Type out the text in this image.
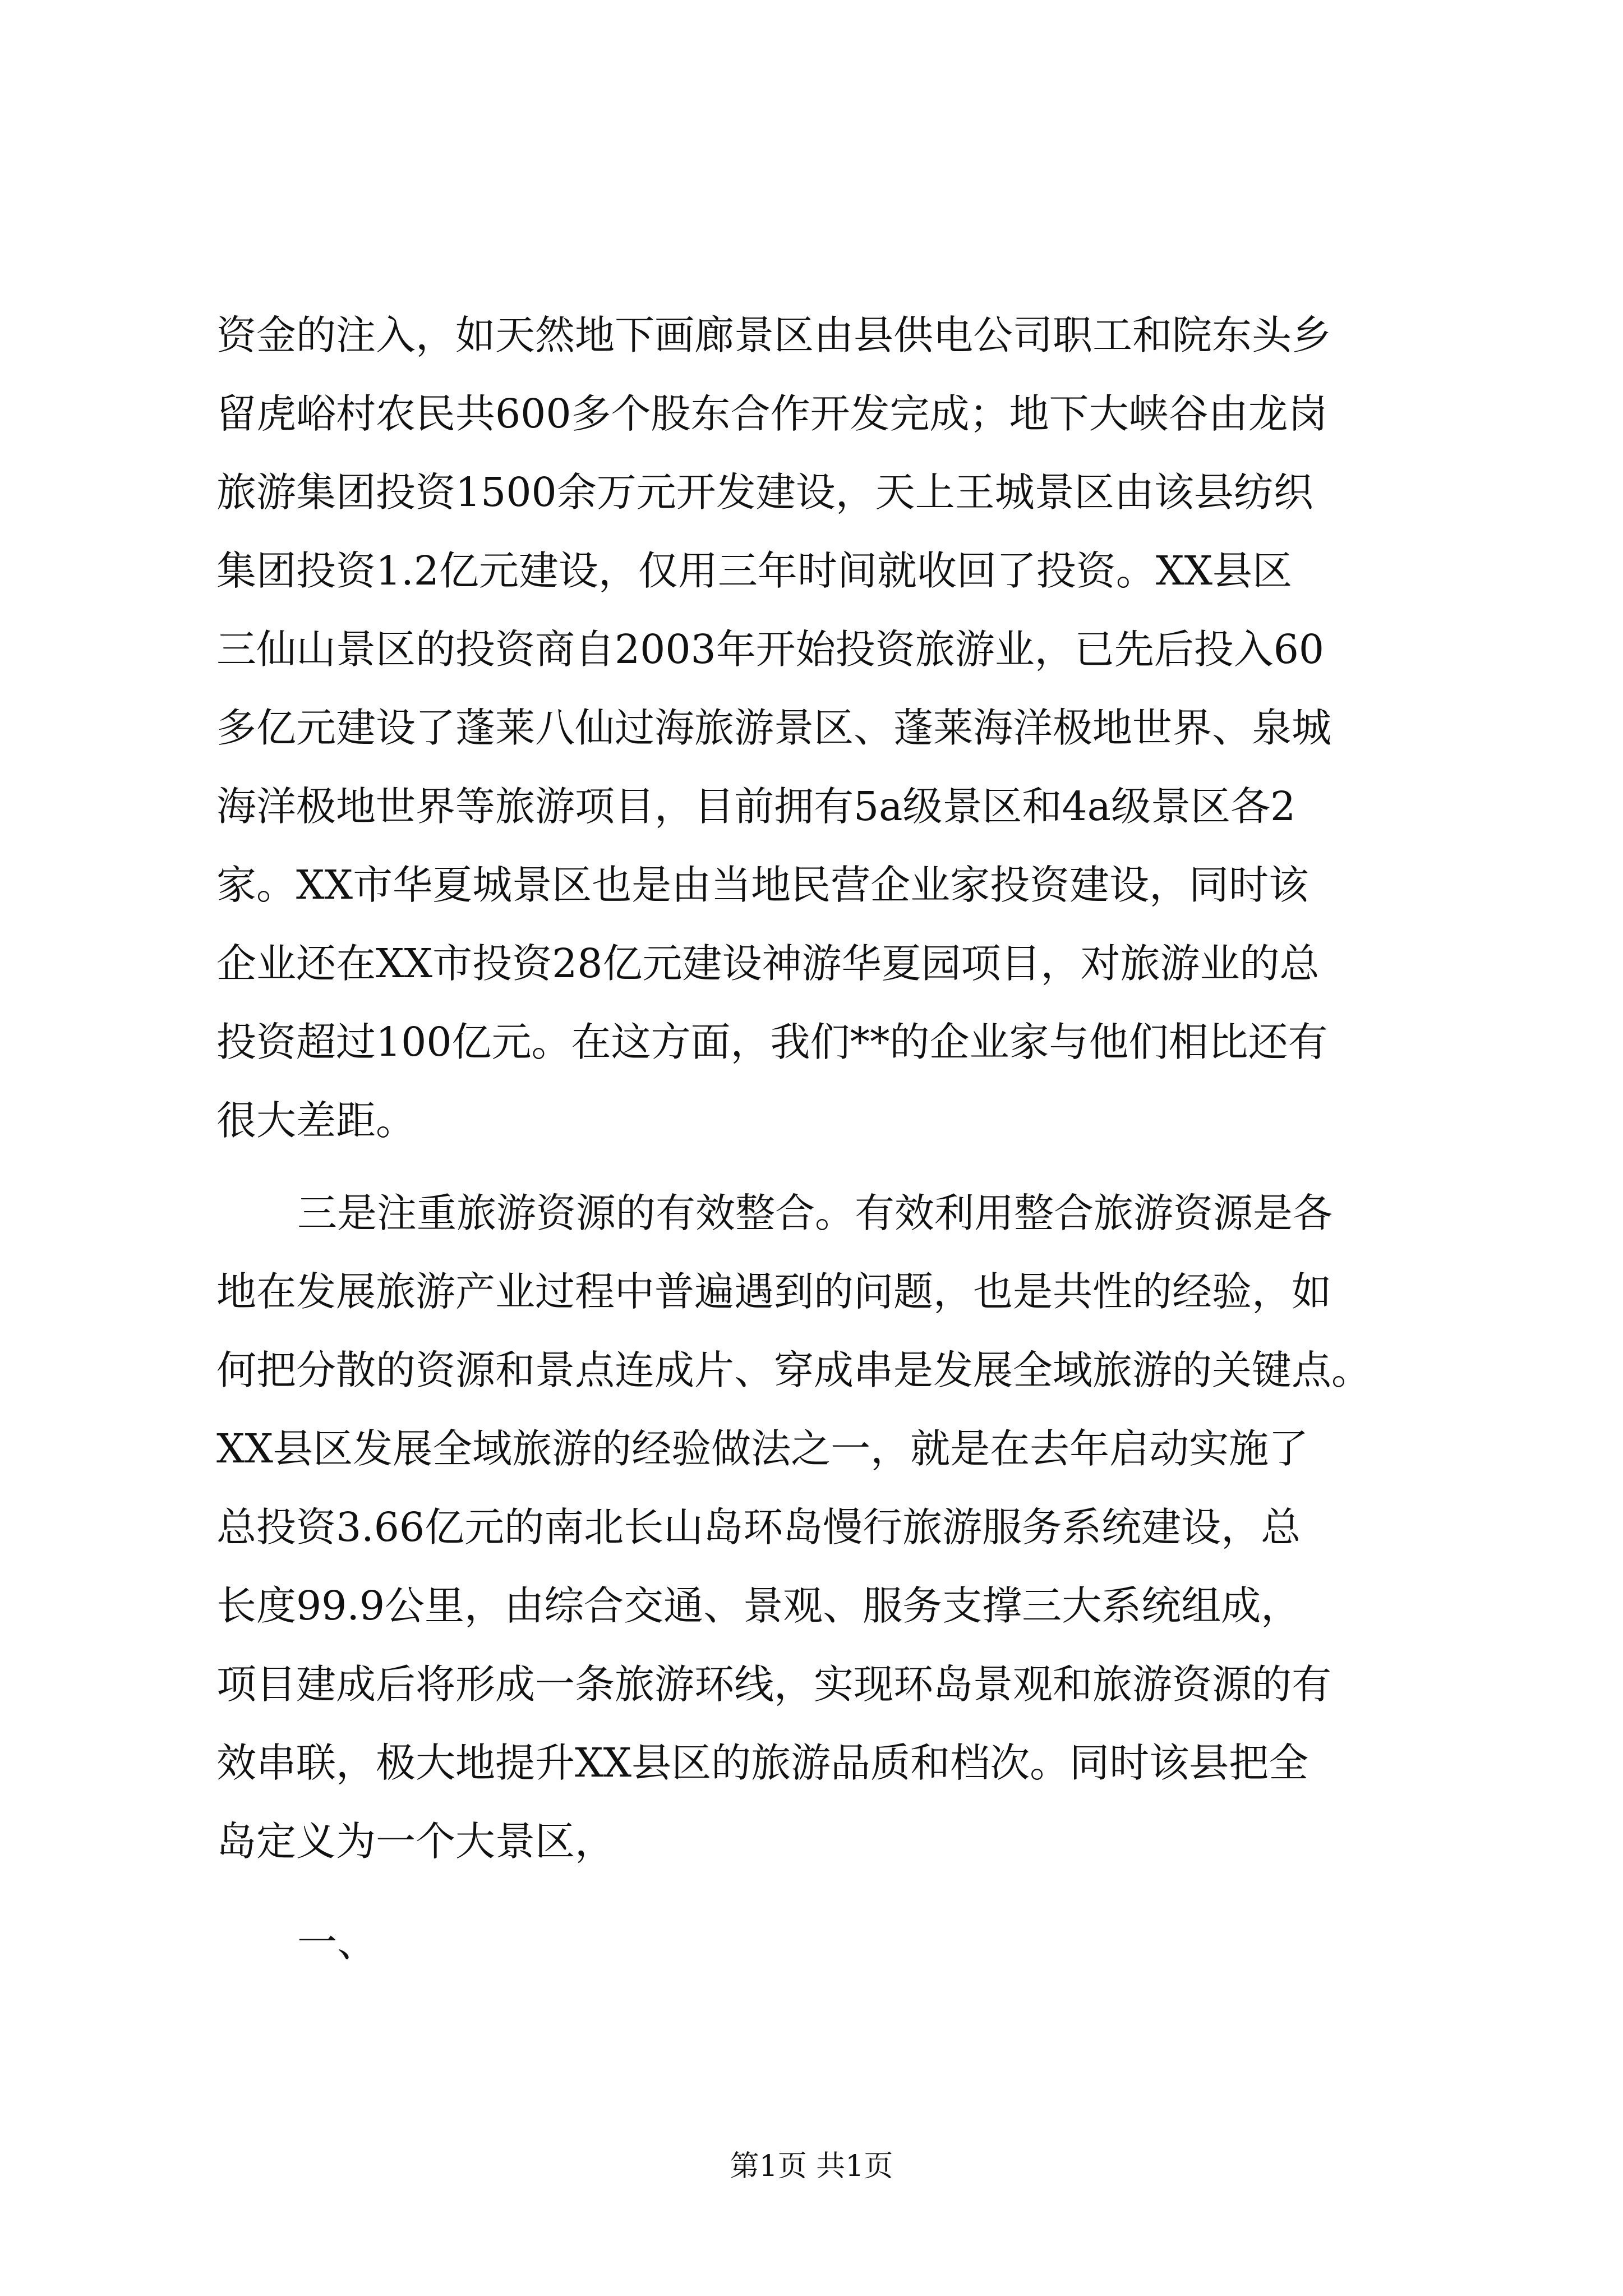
资金的注入，如天然地下画廊景区由县供电公司职工和院东头乡

留虎峪村农民共600多个股东合作开发完成；地下大峡谷由龙岗

旅游集团投资1500余万元开发建设，天上王城景区由该县纺织

集团投资1.2亿元建设，仅用三年时间就收回了投资。XX县区

三仙山景区的投资商自2003年开始投资旅游业，已先后投入60

多亿元建设了蓬莱八仙过海旅游景区、蓬莱海洋极地世界、泉城

海洋极地世界等旅游项目，目前拥有5a级景区和4a级景区各2

家。XX市华夏城景区也是由当地民营企业家投资建设，同时该

企业还在XX市投资28亿元建设神游华夏园项目，对旅游业的总

投资超过100亿元。在这方面，我们**的企业家与他们相比还有

很大差距。

三是注重旅游资源的有效整合。有效利用整合旅游资源是各

地在发展旅游产业过程中普遍遇到的问题，也是共性的经验，如

何把分散的资源和景点连成片、穿成串是发展全域旅游的关键点。

XX县区发展全域旅游的经验做法之一，就是在去年启动实施了

总投资3.66亿元的南北长山岛环岛慢行旅游服务系统建设，总

长度99.9公里，由综合交通、景观、服务支撑三大系统组成，

项目建成后将形成一条旅游环线，实现环岛景观和旅游资源的有

效串联，极大地提升XX县区的旅游品质和档次。同时该县把全

岛定义为一个大景区，

一、

第1页 共1页
